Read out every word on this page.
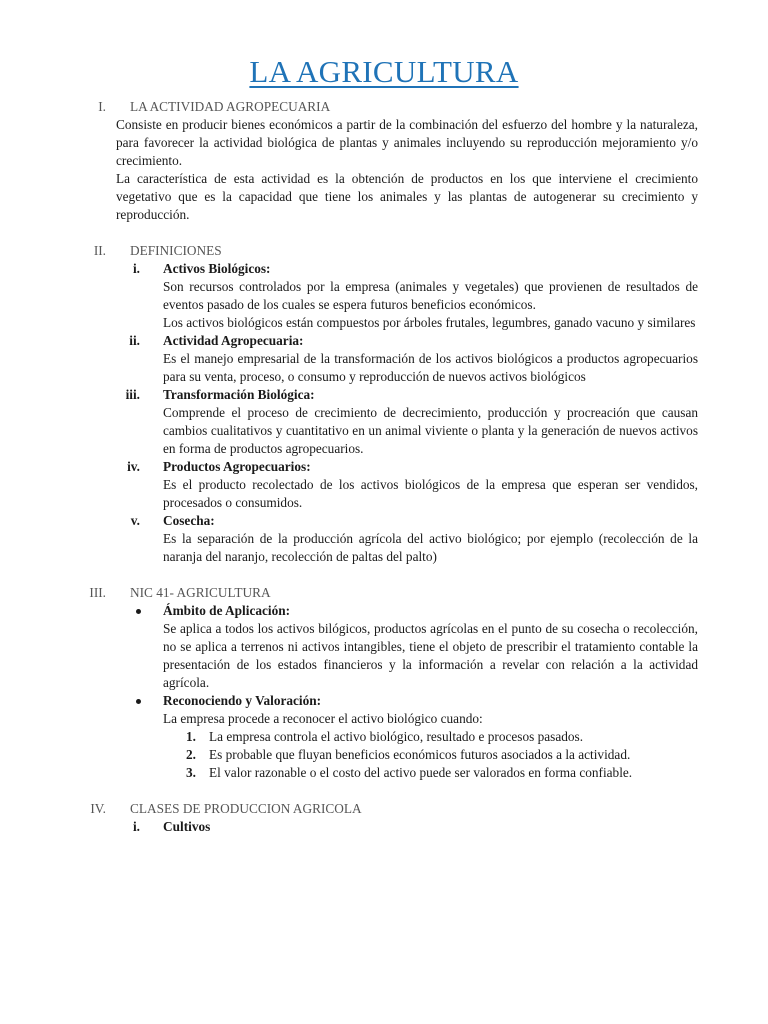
LA AGRICULTURA
I. LA ACTIVIDAD AGROPECUARIA
Consiste en producir bienes económicos a partir de la combinación del esfuerzo del hombre y la naturaleza, para favorecer la actividad biológica de plantas y animales incluyendo su reproducción mejoramiento y/o crecimiento.
La característica de esta actividad es la obtención de productos en los que interviene el crecimiento vegetativo que es la capacidad que tiene los animales y las plantas de autogenerar su crecimiento y reproducción.
II. DEFINICIONES
i. Activos Biológicos:
Son recursos controlados por la empresa (animales y vegetales) que provienen de resultados de eventos pasado de los cuales se espera futuros beneficios económicos.
Los activos biológicos están compuestos por árboles frutales, legumbres, ganado vacuno y similares
ii. Actividad Agropecuaria:
Es el manejo empresarial de la transformación de los activos biológicos a productos agropecuarios para su venta, proceso, o consumo y reproducción de nuevos activos biológicos
iii. Transformación Biológica:
Comprende el proceso de crecimiento de decrecimiento, producción y procreación que causan cambios cualitativos y cuantitativo en un animal viviente o planta y la generación de nuevos activos en forma de productos agropecuarios.
iv. Productos Agropecuarios:
Es el producto recolectado de los activos biológicos de la empresa que esperan ser vendidos, procesados o consumidos.
v. Cosecha:
Es la separación de la producción agrícola del activo biológico; por ejemplo (recolección de la naranja del naranjo, recolección de paltas del palto)
III. NIC 41- AGRICULTURA
Ámbito de Aplicación:
Se aplica a todos los activos bilógicos, productos agrícolas en el punto de su cosecha o recolección, no se aplica a terrenos ni activos intangibles, tiene el objeto de prescribir el tratamiento contable la presentación de los estados financieros y la información a revelar con relación a la actividad agrícola.
Reconociendo y Valoración:
La empresa procede a reconocer el activo biológico cuando:
1. La empresa controla el activo biológico, resultado e procesos pasados.
2. Es probable que fluyan beneficios económicos futuros asociados a la actividad.
3. El valor razonable o el costo del activo puede ser valorados en forma confiable.
IV. CLASES DE PRODUCCION AGRICOLA
i. Cultivos
